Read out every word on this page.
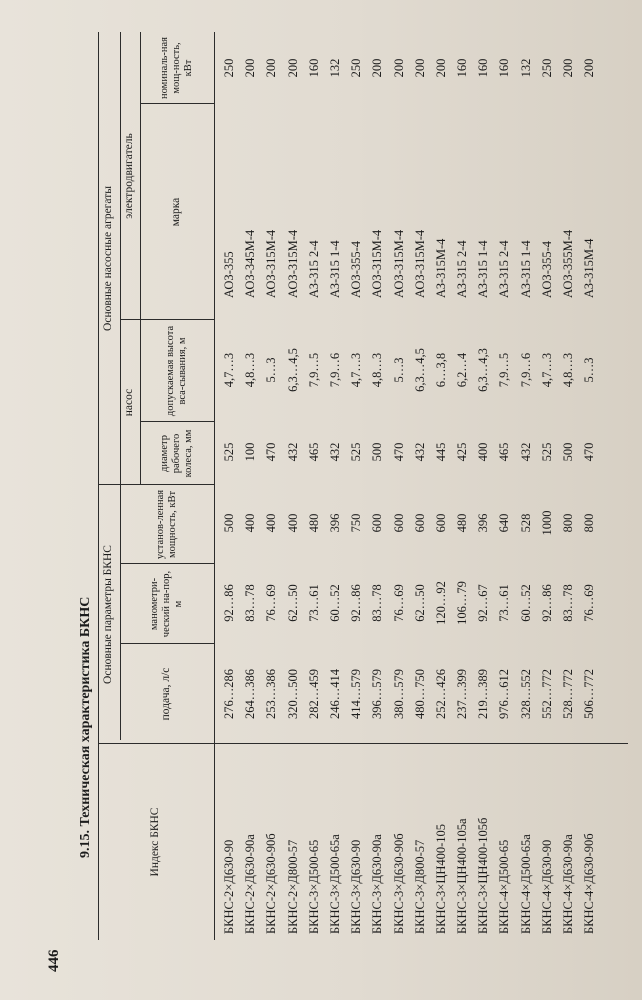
446
9.15. Техническая характеристика БКНС	Индекс БКНС
Основные параметры БКНС
подача, л/с
манометри-ческий на-пор, м
установ-ленная мощность, кВт
Основные насосные агрегаты
насос
электродвигатель
диаметр рабочего колеса, мм
допускаемая высота вса-сывания, м
марка
номиналь-ная мощ-ность, кВт
БКНС-2×Д630-90
276…286
92…86
500
525
4,7…3
АОЗ-355
250
БКНС-2×Д630-90а
264…386
83…78
400
100
4,8…3
АОЗ-345М-4
200
БКНС-2×Д630-90б
253…386
76…69
400
470
5…3
АОЗ-315М-4
200
БКНС-2×Д800-57
320…500
62…50
400
432
6,3…4,5
АОЗ-315М-4
200
БКНС-3×Д500-65
282…459
73…61
480
465
7,9…5
АЗ-315 2-4
160
БКНС-3×Д500-65а
246…414
60…52
396
432
7,9…6
АЗ-315 1-4
132
БКНС-3×Д630-90
414…579
92…86
750
525
4,7…3
АОЗ-355-4
250
БКНС-3×Д630-90а
396…579
83…78
600
500
4,8…3
АОЗ-315М-4
200
БКНС-3×Д630-90б
380…579
76…69
600
470
5…3
АОЗ-315М-4
200
БКНС-3×Д800-57
480…750
62…50
600
432
6,3…4,5
АОЗ-315М-4
200
БКНС-3×ЦН400-105
252…426
120…92
600
445
6…3,8
АЗ-315М-4
200
БКНС-3×ЦН400-105а
237…399
106…79
480
425
6,2…4
АЗ-315 2-4
160
БКНС-3×ЦН400-105б
219…389
92…67
396
400
6,3…4,3
АЗ-315 1-4
160
БКНС-4×Д500-65
976…612
73…61
640
465
7,9…5
АЗ-315 2-4
160
БКНС-4×Д500-65а
328…552
60…52
528
432
7,9…6
АЗ-315 1-4
132
БКНС-4×Д630-90
552…772
92…86
1000
525
4,7…3
АОЗ-355-4
250
БКНС-4×Д630-90а
528…772
83…78
800
500
4,8…3
АОЗ-355М-4
200
БКНС-4×Д630-90б
506…772
76…69
800
470
5…3
АЗ-315М-4
200
